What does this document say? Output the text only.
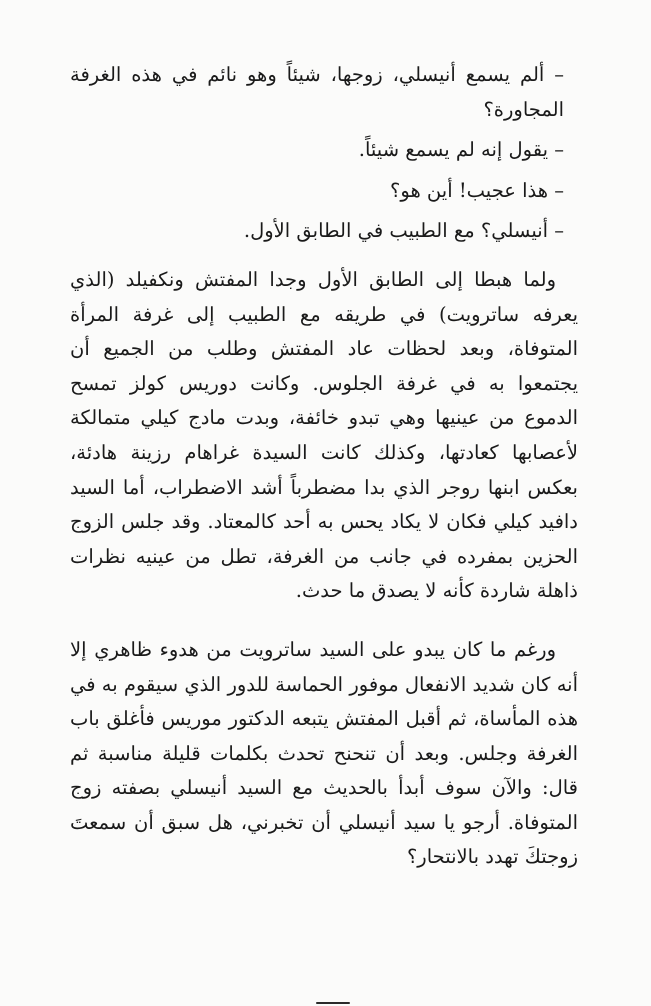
– ألم يسمع أنيسلي، زوجها، شيئاً وهو نائم في هذه الغرفة المجاورة؟

– يقول إنه لم يسمع شيئاً.

– هذا عجيب! أين هو؟

– أنيسلي؟ مع الطبيب في الطابق الأول.

ولما هبطا إلى الطابق الأول وجدا المفتش ونكفيلد (الذي يعرفه ساترويت) في طريقه مع الطبيب إلى غرفة المرأة المتوفاة، وبعد لحظات عاد المفتش وطلب من الجميع أن يجتمعوا به في غرفة الجلوس. وكانت دوريس كولز تمسح الدموع من عينيها وهي تبدو خائفة، وبدت مادج كيلي متمالكة لأعصابها كعادتها، وكذلك كانت السيدة غراهام رزينة هادئة، بعكس ابنها روجر الذي بدا مضطرباً أشد الاضطراب، أما السيد دافيد كيلي فكان لا يكاد يحس به أحد كالمعتاد. وقد جلس الزوج الحزين بمفرده في جانب من الغرفة، تطل من عينيه نظرات ذاهلة شاردة كأنه لا يصدق ما حدث.

ورغم ما كان يبدو على السيد ساترويت من هدوء ظاهري إلا أنه كان شديد الانفعال موفور الحماسة للدور الذي سيقوم به في هذه المأساة، ثم أقبل المفتش يتبعه الدكتور موريس فأغلق باب الغرفة وجلس. وبعد أن تنحنح تحدث بكلمات قليلة مناسبة ثم قال: والآن سوف أبدأ بالحديث مع السيد أنيسلي بصفته زوج المتوفاة. أرجو يا سيد أنيسلي أن تخبرني، هل سبق أن سمعتَ زوجتكَ تهدد بالانتحار؟
